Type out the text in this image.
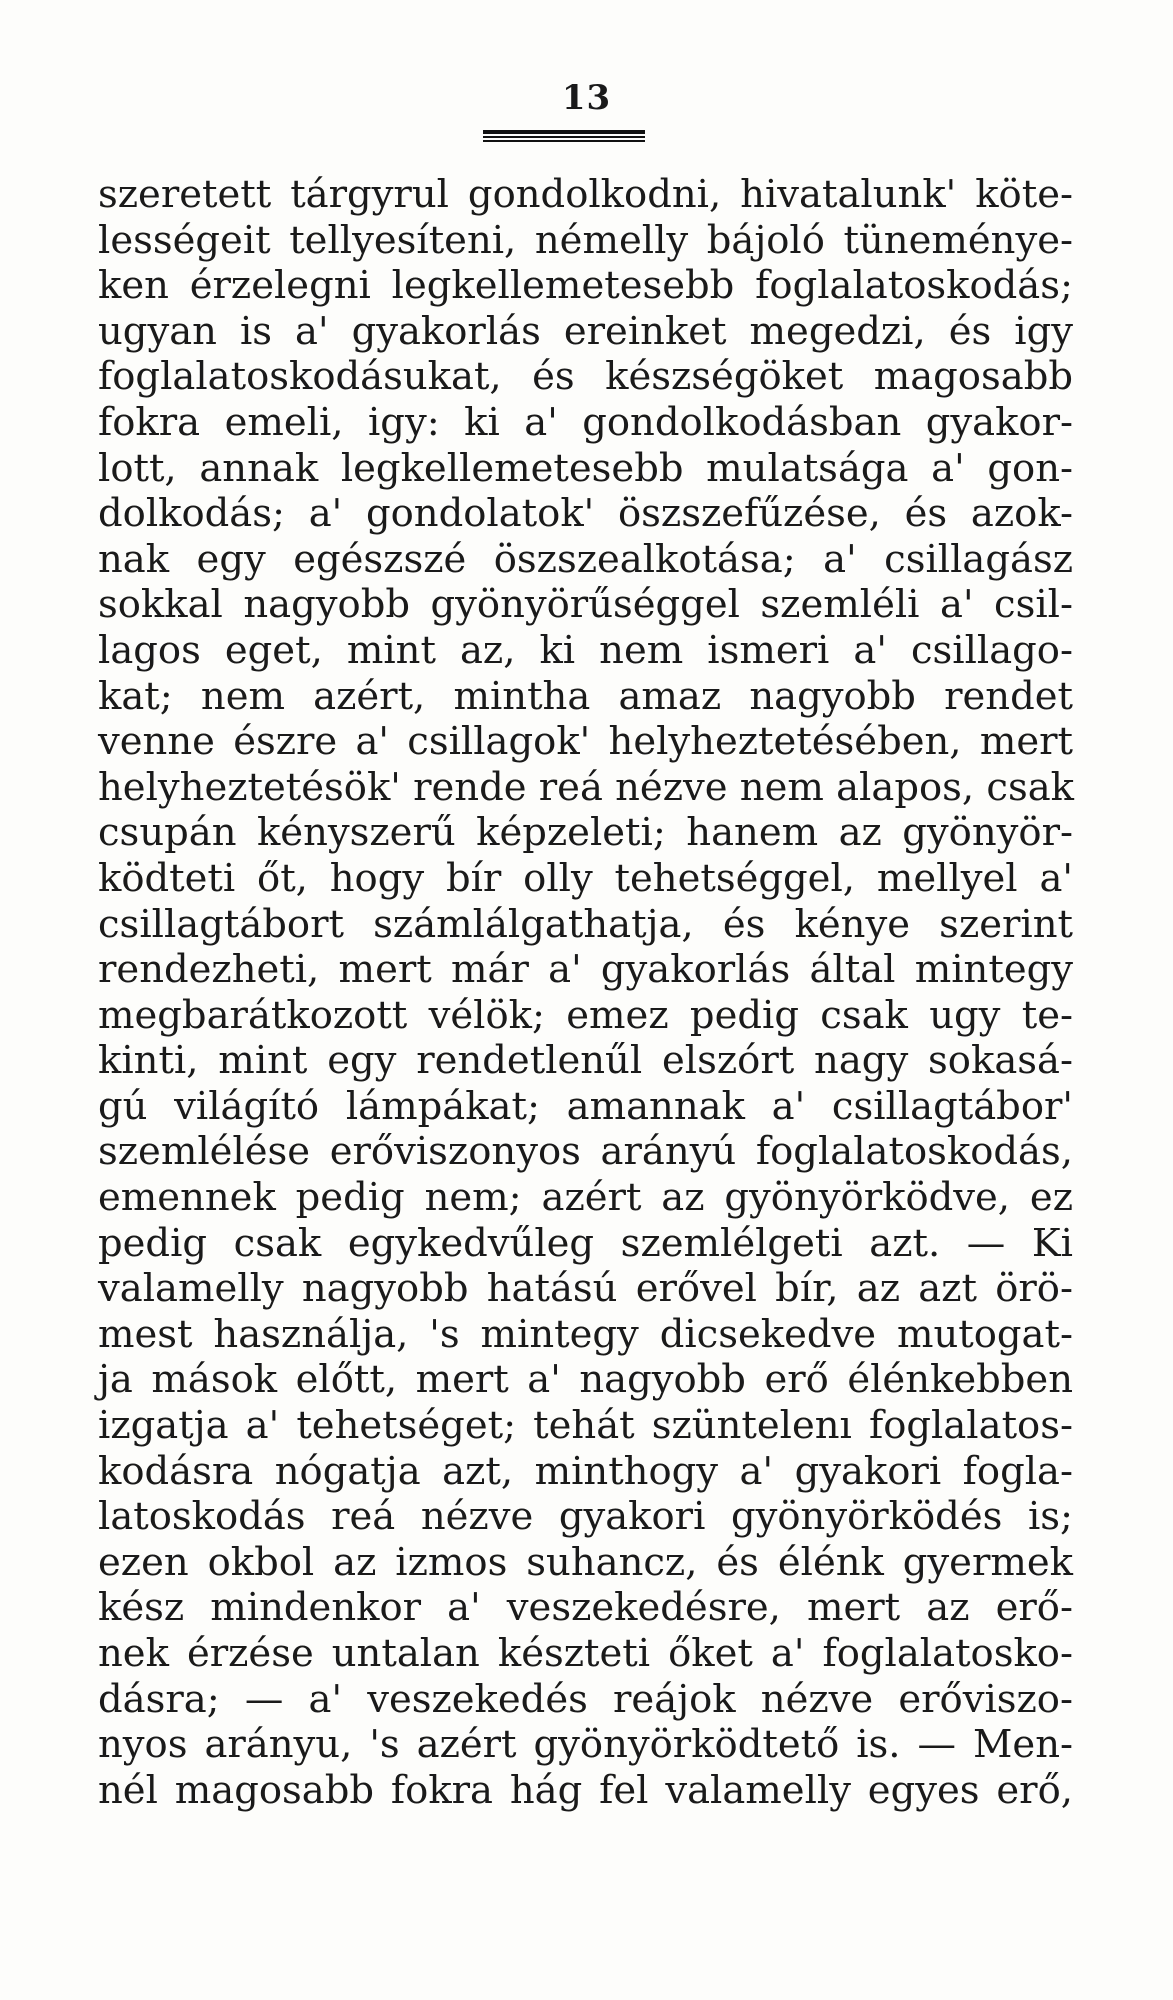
13
szeretett tárgyrul gondolkodni, hivatalunk' köte-
lességeit tellyesíteni, némelly bájoló tüneménye-
ken érzelegni legkellemetesebb foglalatoskodás;
ugyan is a' gyakorlás ereinket megedzi, és igy
foglalatoskodásukat, és készségöket magosabb
fokra emeli, igy: ki a' gondolkodásban gyakor-
lott, annak legkellemetesebb mulatsága a' gon-
dolkodás; a' gondolatok' öszszefűzése, és azok-
nak egy egészszé öszszealkotása; a' csillagász
sokkal nagyobb gyönyörűséggel szemléli a' csil-
lagos eget, mint az, ki nem ismeri a' csillago-
kat; nem azért, mintha amaz nagyobb rendet
venne észre a' csillagok' helyheztetésében, mert
helyheztetésök' rende reá nézve nem alapos, csak
csupán kényszerű képzeleti; hanem az gyönyör-
ködteti őt, hogy bír olly tehetséggel, mellyel a'
csillagtábort számlálgathatja, és kénye szerint
rendezheti, mert már a' gyakorlás által mintegy
megbarátkozott vélök; emez pedig csak ugy te-
kinti, mint egy rendetlenűl elszórt nagy sokasá-
gú világító lámpákat; amannak a' csillagtábor'
szemlélése erőviszonyos arányú foglalatoskodás,
emennek pedig nem; azért az gyönyörködve, ez
pedig csak egykedvűleg szemlélgeti azt. — Ki
valamelly nagyobb hatású erővel bír, az azt örö-
mest használja, 's mintegy dicsekedve mutogat-
ja mások előtt, mert a' nagyobb erő élénkebben
izgatja a' tehetséget; tehát szüntelenı foglalatos-
kodásra nógatja azt, minthogy a' gyakori fogla-
latoskodás reá nézve gyakori gyönyörködés is;
ezen okbol az izmos suhancz, és élénk gyermek
kész mindenkor a' veszekedésre, mert az erő-
nek érzése untalan készteti őket a' foglalatosko-
dásra; — a' veszekedés reájok nézve erőviszo-
nyos arányu, 's azért gyönyörködtető is. — Men-
nél magosabb fokra hág fel valamelly egyes erő,
